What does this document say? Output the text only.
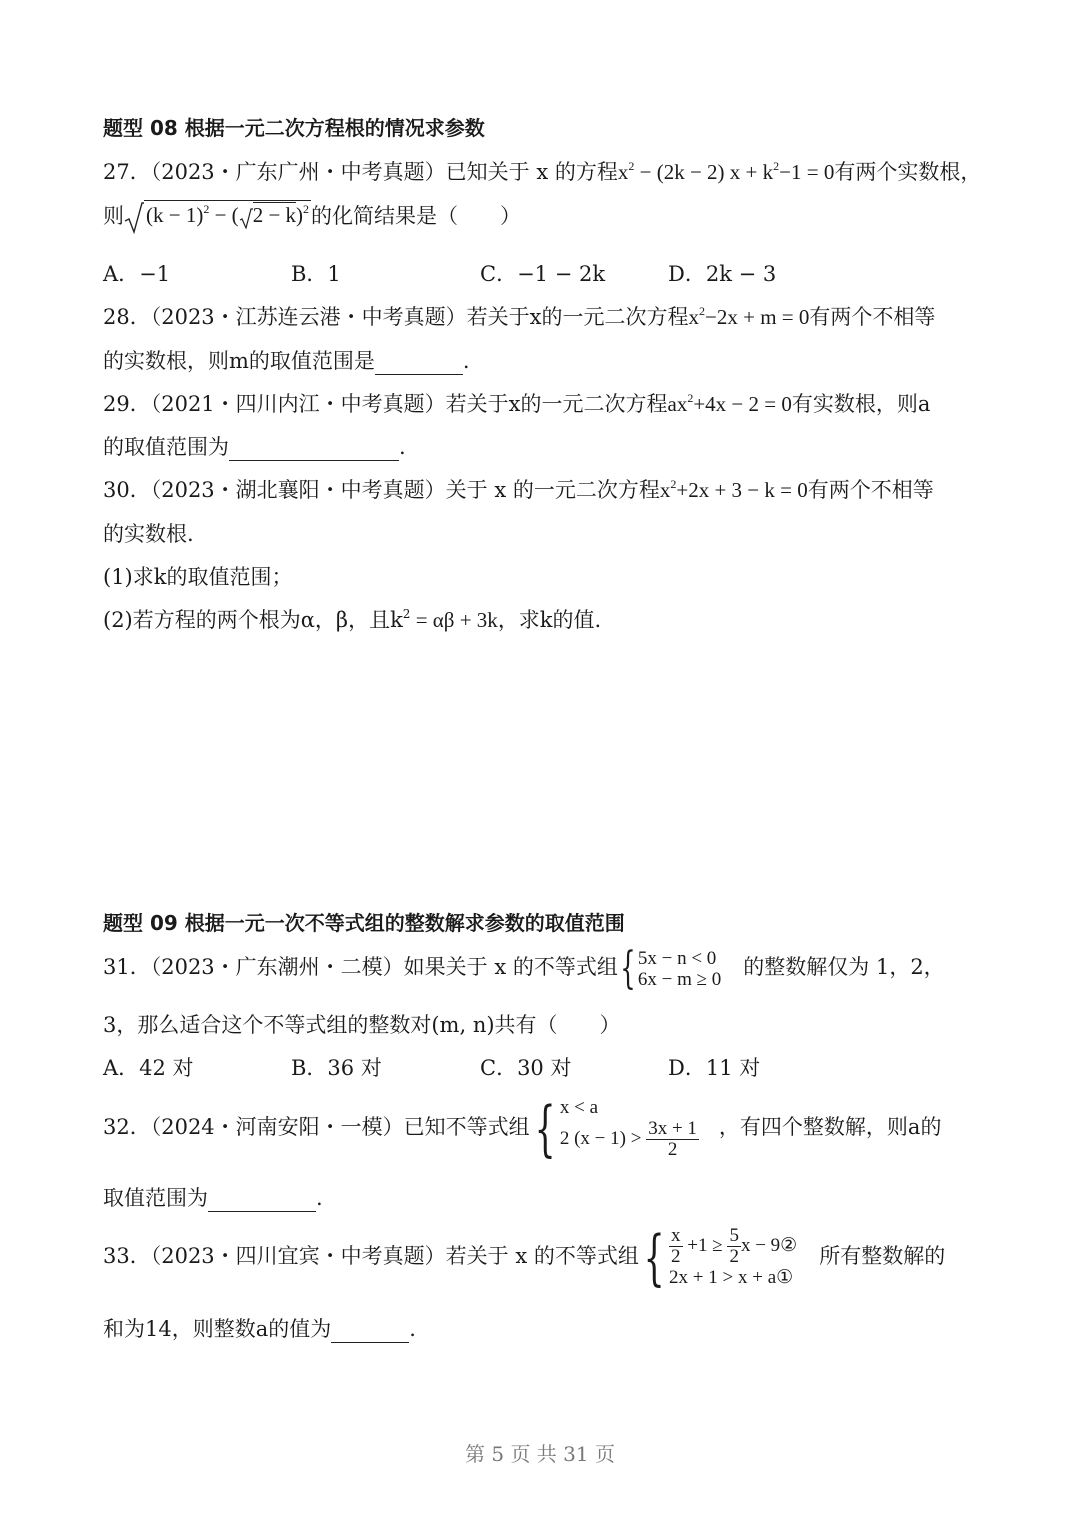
题型 08 根据一元二次方程根的情况求参数
27．（2023・广东广州・中考真题）已知关于 x 的方程$x^2 - (2k - 2) x + k^2-1 = 0$有两个实数根，
则 $(k - 1)^2$ − ( 2 − k)$^2$的化简结果是（　　）
A．−1	B．1	C．−1 − 2k	D．2k − 3
28．（2023・江苏连云港・中考真题）若关于x的一元二次方程$x^2-2x + m = 0$有两个不相等
的实数根，则m的取值范围是	.
29．（2021・四川内江・中考真题）若关于x的一元二次方程$ax^2+4x - 2 = 0$有实数根，则a
的取值范围为	.
30．（2023・湖北襄阳・中考真题）关于 x 的一元二次方程$x^2+2x + 3 - k = 0$有两个不相等
的实数根.
(1)求k的取值范围；
(2)若方程的两个根为α，β，且$k^2 = \alpha\beta + 3k$，求k的值.
题型 09 根据一元一次不等式组的整数解求参数的取值范围
31．（2023・广东潮州・二模）如果关于 x 的不等式组{ 5x − n < 0
6x − m ≥ 0 的整数解仅为 1，2，
3，那么适合这个不等式组的整数对(m, n)共有（　　）
A．42 对	B．36 对	C．30 对	D．11 对
32．（2024・河南安阳・一模）已知不等式组{ x < a
2 $(x - 1) > \frac{3x + 1}{2}$ ，有四个整数解，则a的
取值范围为	.
33．（2023・四川宜宾・中考真题）若关于 x 的不等式组{ $\frac{x}{2} +1 \ge \frac{5}{2}$ x − 9②
2x + 1 > x + a①
所有整数解的
和为14，则整数a的值为	.
第 5 页 共 31 页
